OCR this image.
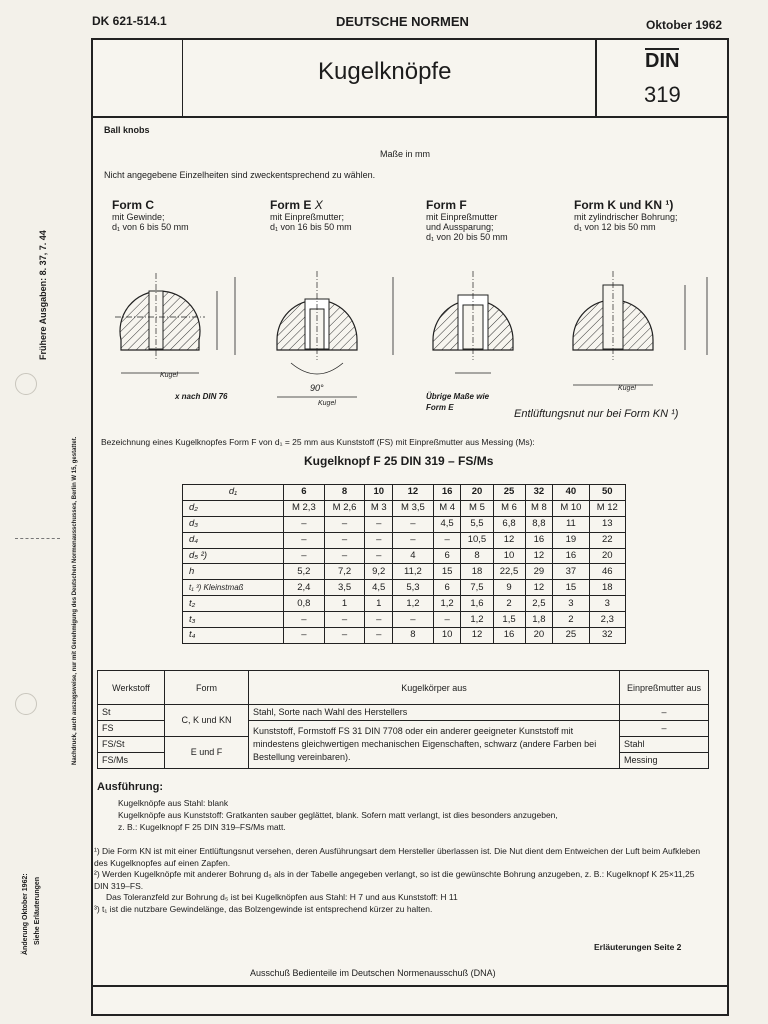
DK 621-514.1	DEUTSCHE NORMEN	Oktober 1962
Kugelknöpfe	DIN
319
Frühere Ausgaben: 8. 37, 7. 44
Nachdruck, auch auszugsweise, nur mit Genehmigung des Deutschen Normenausschusses, Berlin W 15, gestattet.
Änderung Oktober 1962: Siehe Erläuterungen
Ball knobs
Maße in mm
Nicht angegebene Einzelheiten sind zweckentsprechend zu wählen.
Form C
mit Gewinde;
d₁ von 6 bis 50 mm
Form E X
mit Einpreßmutter;
d₁ von 16 bis 50 mm
Form F
mit Einpreßmutter
und Aussparung;
d₁ von 20 bis 50 mm
Form K und KN ¹)
mit zylindrischer Bohrung;
d₁ von 12 bis 50 mm
Kugel
x nach DIN 76
90°
Kugel
Übrige Maße wie
Form E
Kugel
Entlüftungsnut nur bei Form KN ¹)
Bezeichnung eines Kugelknopfes Form F von d₁ = 25 mm aus Kunststoff (FS) mit Einpreßmutter aus Messing (Ms):
Kugelknopf F 25 DIN 319 – FS/Ms
d₁	6	8	10	12	16	20	25	32	40	50
d₂	M 2,3	M 2,6	M 3	M 3,5	M 4	M 5	M 6	M 8	M 10	M 12
d₃	–	–	–	–	4,5	5,5	6,8	8,8	11	13
d₄	–	–	–	–	–	10,5	12	16	19	22
d₅ ²)	–	–	–	4	6	8	10	12	16	20
h	5,2	7,2	9,2	11,2	15	18	22,5	29	37	46
t₁ ³) Kleinstmaß	2,4	3,5	4,5	5,3	6	7,5	9	12	15	18
t₂	0,8	1	1	1,2	1,2	1,6	2	2,5	3	3
t₃	–	–	–	–	–	1,2	1,5	1,8	2	2,3
t₄	–	–	–	8	10	12	16	20	25	32
Werkstoff	Form	Kugelkörper aus	Einpreßmutter aus
St	C, K und KN	Stahl, Sorte nach Wahl des Herstellers	–
FS		Kunststoff, Formstoff FS 31 DIN 7708 oder ein anderer geeigneter Kunststoff mit mindestens gleichwertigen mechanischen Eigenschaften, schwarz (andere Farben bei Bestellung vereinbaren).	–
FS/St	E und F		Stahl
FS/Ms			Messing
Ausführung:
Kugelknöpfe aus Stahl: blank
Kugelknöpfe aus Kunststoff: Gratkanten sauber geglättet, blank. Sofern matt verlangt, ist dies besonders anzugeben,
z. B.: Kugelknopf F 25 DIN 319–FS/Ms matt.

¹) Die Form KN ist mit einer Entlüftungsnut versehen, deren Ausführungsart dem Hersteller überlassen ist. Die Nut dient dem Entweichen der Luft beim Aufkleben des Kugelknopfes auf einen Zapfen.

²) Werden Kugelknöpfe mit anderer Bohrung d₅ als in der Tabelle angegeben verlangt, so ist die gewünschte Bohrung anzugeben, z. B.: Kugelknopf K 25×11,25 DIN 319–FS.

Das Toleranzfeld zur Bohrung d₅ ist bei Kugelknöpfen aus Stahl: H 7 und aus Kunststoff: H 11

³) t₁ ist die nutzbare Gewindelänge, das Bolzengewinde ist entsprechend kürzer zu halten.

Erläuterungen Seite 2
Ausschuß Bedienteile im Deutschen Normenausschuß (DNA)
